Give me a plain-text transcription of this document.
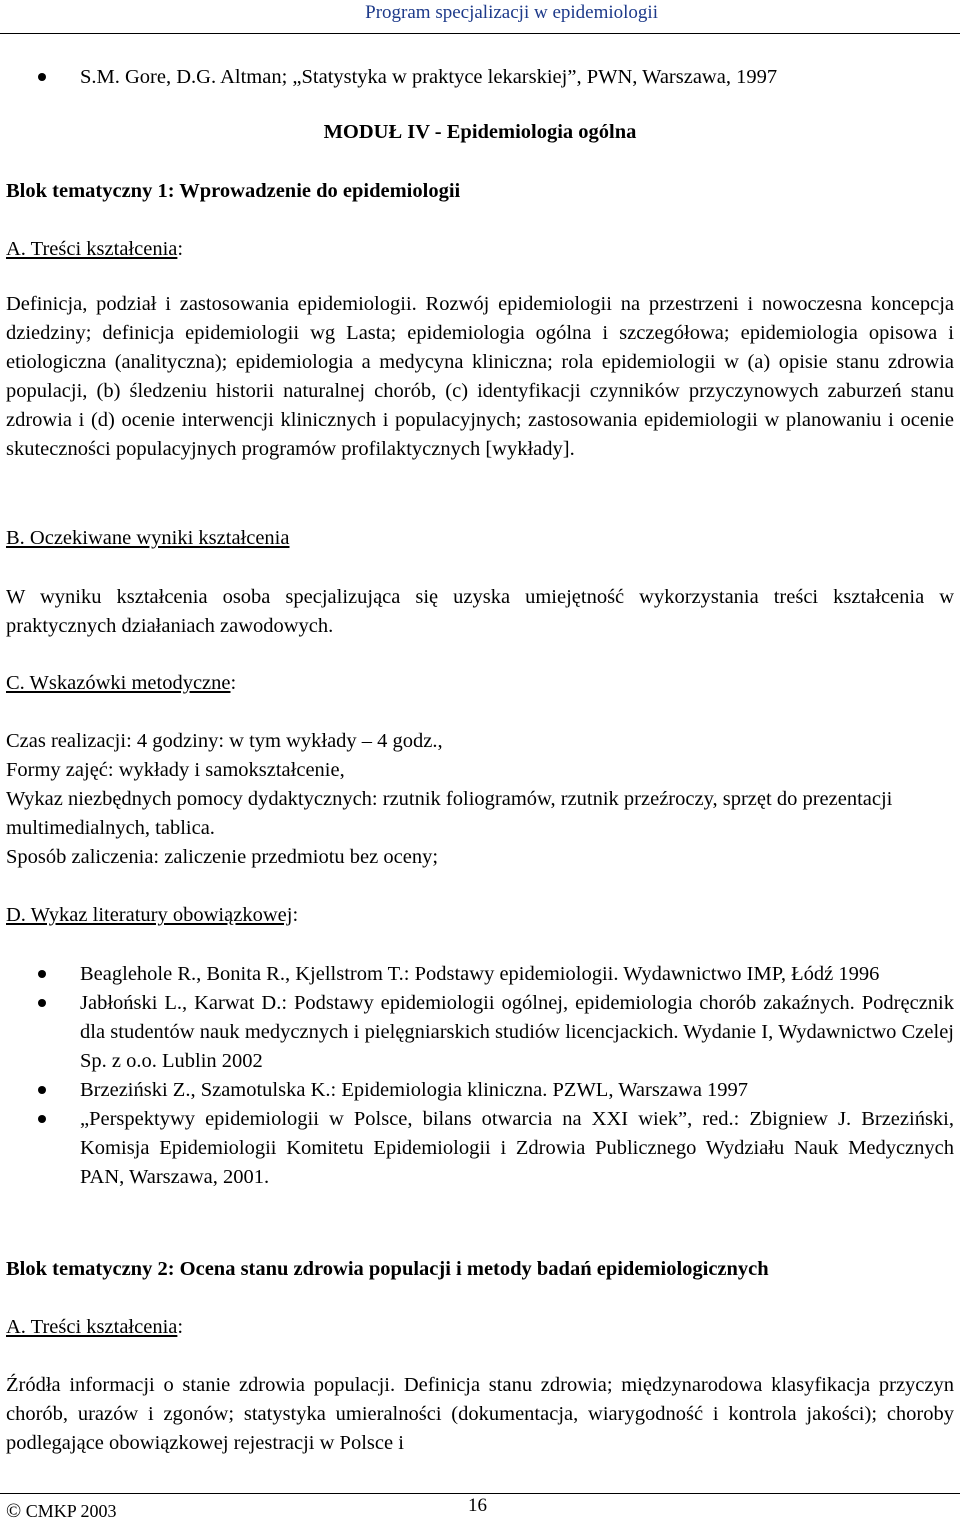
Program specjalizacji w epidemiologii
S.M. Gore, D.G. Altman; „Statystyka w praktyce lekarskiej”, PWN, Warszawa, 1997
MODUŁ IV - Epidemiologia ogólna
Blok tematyczny 1: Wprowadzenie do epidemiologii
A. Treści kształcenia:
Definicja, podział i zastosowania epidemiologii. Rozwój epidemiologii na przestrzeni i nowoczesna koncepcja dziedziny; definicja epidemiologii wg Lasta; epidemiologia ogólna i szczegółowa; epidemiologia opisowa i etiologiczna (analityczna); epidemiologia a medycyna kliniczna; rola epidemiologii w (a) opisie stanu zdrowia populacji, (b) śledzeniu historii naturalnej chorób, (c) identyfikacji czynników przyczynowych zaburzeń stanu zdrowia i (d) ocenie interwencji klinicznych i populacyjnych; zastosowania epidemiologii w planowaniu i ocenie skuteczności populacyjnych programów profilaktycznych [wykłady].
B. Oczekiwane wyniki kształcenia
W wyniku kształcenia osoba specjalizująca się uzyska umiejętność wykorzystania treści kształcenia w praktycznych działaniach zawodowych.
C. Wskazówki metodyczne:
Czas realizacji: 4 godziny: w tym wykłady – 4 godz.,
Formy zajęć: wykłady i samokształcenie,
Wykaz niezbędnych pomocy dydaktycznych: rzutnik foliogramów, rzutnik przeźroczy, sprzęt do prezentacji multimedialnych, tablica.
Sposób zaliczenia: zaliczenie przedmiotu bez oceny;
D. Wykaz literatury obowiązkowej:
Beaglehole R., Bonita R., Kjellstrom T.: Podstawy epidemiologii. Wydawnictwo IMP, Łódź 1996
Jabłoński L., Karwat D.: Podstawy epidemiologii ogólnej, epidemiologia chorób zakaźnych. Podręcznik dla studentów nauk medycznych i pielęgniarskich studiów licencjackich. Wydanie I, Wydawnictwo Czelej Sp. z o.o. Lublin 2002
Brzeziński Z., Szamotulska K.: Epidemiologia kliniczna. PZWL, Warszawa 1997
„Perspektywy epidemiologii w Polsce, bilans otwarcia na XXI wiek”, red.: Zbigniew J. Brzeziński, Komisja Epidemiologii Komitetu Epidemiologii i Zdrowia Publicznego Wydziału Nauk Medycznych PAN, Warszawa, 2001.
Blok tematyczny 2: Ocena stanu zdrowia populacji i metody badań epidemiologicznych
A. Treści kształcenia:
Źródła informacji o stanie zdrowia populacji. Definicja stanu zdrowia; międzynarodowa klasyfikacja przyczyn chorób, urazów i zgonów; statystyka umieralności (dokumentacja, wiarygodność i kontrola jakości); choroby podlegające obowiązkowej rejestracji w Polsce i
© CMKP 2003	16
